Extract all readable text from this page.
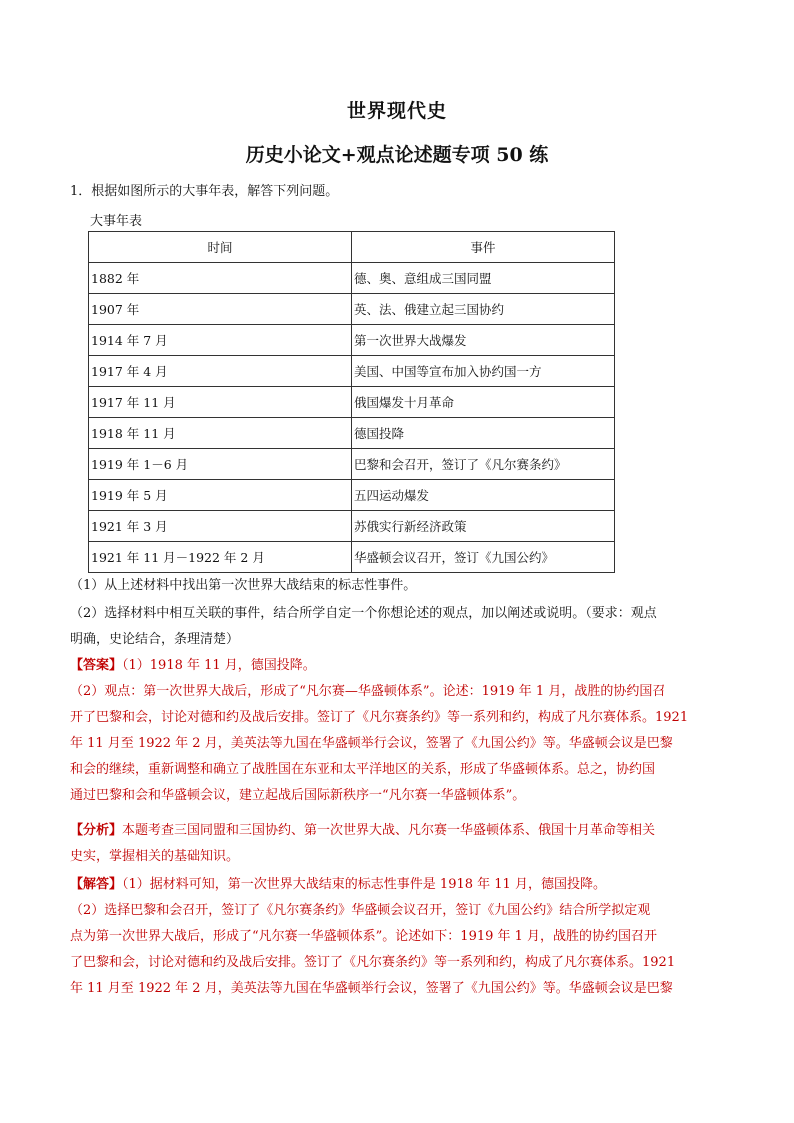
世界现代史
历史小论文+观点论述题专项 50 练
1．根据如图所示的大事年表，解答下列问题。
大事年表
时间	事件
1882 年	德、奥、意组成三国同盟
1907 年	英、法、俄建立起三国协约
1914 年 7 月	第一次世界大战爆发
1917 年 4 月	美国、中国等宣布加入协约国一方
1917 年 11 月	俄国爆发十月革命
1918 年 11 月	德国投降
1919 年 1－6 月	巴黎和会召开，签订了《凡尔赛条约》
1919 年 5 月	五四运动爆发
1921 年 3 月	苏俄实行新经济政策
1921 年 11 月－1922 年 2 月	华盛顿会议召开，签订《九国公约》
（1）从上述材料中找出第一次世界大战结束的标志性事件。
（2）选择材料中相互关联的事件，结合所学自定一个你想论述的观点，加以阐述或说明。（要求：观点
明确，史论结合，条理清楚）
【答案】（1）1918 年 11 月，德国投降。
（2）观点：第一次世界大战后，形成了“凡尔赛—华盛顿体系”。论述：1919 年 1 月，战胜的协约国召
开了巴黎和会，讨论对德和约及战后安排。签订了《凡尔赛条约》等一系列和约，构成了凡尔赛体系。1921
年 11 月至 1922 年 2 月，美英法等九国在华盛顿举行会议，签署了《九国公约》等。华盛顿会议是巴黎
和会的继续，重新调整和确立了战胜国在东亚和太平洋地区的关系，形成了华盛顿体系。总之，协约国
通过巴黎和会和华盛顿会议，建立起战后国际新秩序一“凡尔赛一华盛顿体系”。
【分析】本题考查三国同盟和三国协约、第一次世界大战、凡尔赛一华盛顿体系、俄国十月革命等相关
史实，掌握相关的基础知识。
【解答】（1）据材料可知，第一次世界大战结束的标志性事件是 1918 年 11 月，德国投降。
（2）选择巴黎和会召开，签订了《凡尔赛条约》华盛顿会议召开，签订《九国公约》结合所学拟定观
点为第一次世界大战后，形成了“凡尔赛一华盛顿体系”。论述如下：1919 年 1 月，战胜的协约国召开
了巴黎和会，讨论对德和约及战后安排。签订了《凡尔赛条约》等一系列和约，构成了凡尔赛体系。1921
年 11 月至 1922 年 2 月，美英法等九国在华盛顿举行会议，签署了《九国公约》等。华盛顿会议是巴黎
